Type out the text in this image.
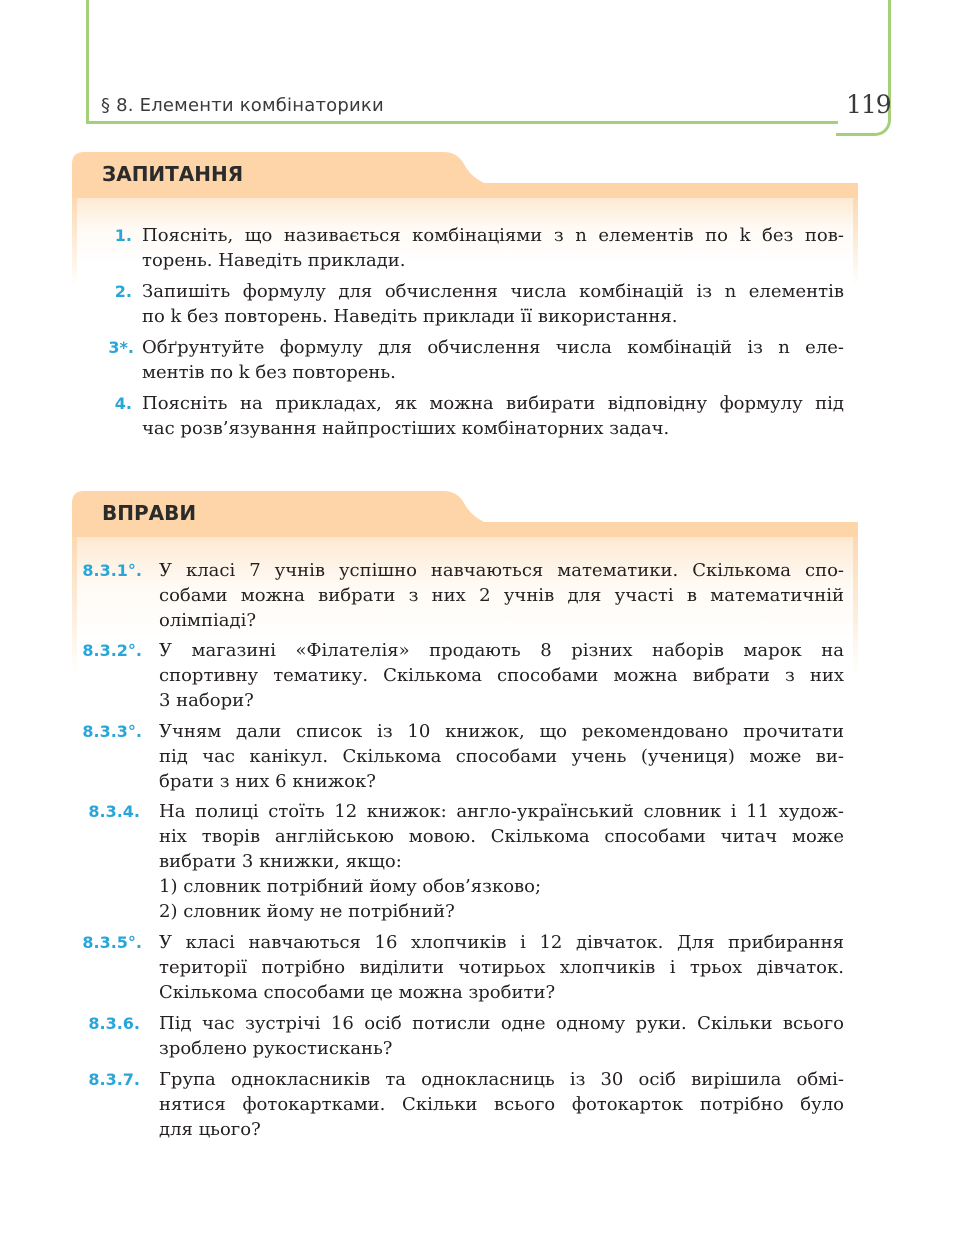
§ 8. Елементи комбінаторики	119
ЗАПИТАННЯ
1. Поясніть, що називається комбінаціями з n елементів по k без пов-
торень. Наведіть приклади.
2. Запишіть формулу для обчислення числа комбінацій із n елементів
по k без повторень. Наведіть приклади її використання.
3*. Обґрунтуйте формулу для обчислення числа комбінацій із n еле-
ментів по k без повторень.
4. Поясніть на прикладах, як можна вибирати відповідну формулу під
час розв’язування найпростіших комбінаторних задач.
ВПРАВИ
8.3.1°. У класі 7 учнів успішно навчаються математики. Скількома спо-
собами можна вибрати з них 2 учнів для участі в математичній
олімпіаді?
8.3.2°. У магазині «Філателія» продають 8 різних наборів марок на
спортивну тематику. Скількома способами можна вибрати з них
3 набори?
8.3.3°. Учням дали список із 10 книжок, що рекомендовано прочитати
під час канікул. Скількома способами учень (учениця) може ви-
брати з них 6 книжок?
8.3.4. На полиці стоїть 12 книжок: англо-український словник і 11 худож-
ніх творів англійською мовою. Скількома способами читач може
вибрати 3 книжки, якщо:
1) словник потрібний йому обов’язково;
2) словник йому не потрібний?
8.3.5°. У класі навчаються 16 хлопчиків і 12 дівчаток. Для прибирання
території потрібно виділити чотирьох хлопчиків і трьох дівчаток.
Скількома способами це можна зробити?
8.3.6. Під час зустрічі 16 осіб потисли одне одному руки. Скільки всього
зроблено рукостискань?
8.3.7. Група однокласників та однокласниць із 30 осіб вирішила обмі-
нятися фотокартками. Скільки всього фотокарток потрібно було
для цього?
